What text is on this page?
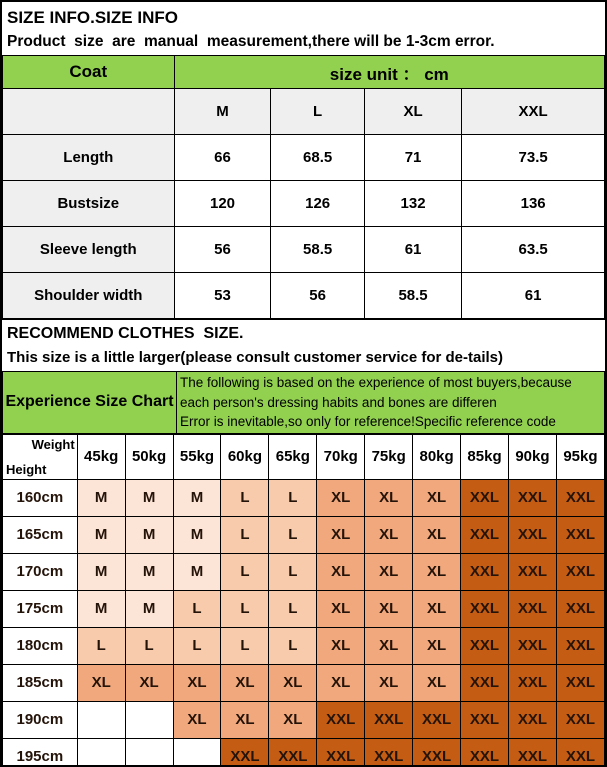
SIZE INFO.SIZE INFO
Product  size  are  manual  measurement,there will be 1-3cm error.
Coat	size unit ： cm			
	M	L	XL	XXL
Length	66	68.5	71	73.5
Bustsize	120	126	132	136
Sleeve length	56	58.5	61	63.5
Shoulder width	53	56	58.5	61
RECOMMEND CLOTHES  SIZE.
This size is a little larger(please consult customer service for de-tails)
Experience Size Chart	
The following is based on the experience of most buyers,because
each person's dressing habits and bones are differen
Error is inevitable,so only for reference!Specific reference code
Weight
Height	45kg	50kg	55kg	60kg	65kg	70kg	75kg	80kg	85kg	90kg	95kg
160cm	M	M	M	L	L	XL	XL	XL	XXL	XXL	XXL
165cm	M	M	M	L	L	XL	XL	XL	XXL	XXL	XXL
170cm	M	M	M	L	L	XL	XL	XL	XXL	XXL	XXL
175cm	M	M	L	L	L	XL	XL	XL	XXL	XXL	XXL
180cm	L	L	L	L	L	XL	XL	XL	XXL	XXL	XXL
185cm	XL	XL	XL	XL	XL	XL	XL	XL	XXL	XXL	XXL
190cm			XL	XL	XL	XXL	XXL	XXL	XXL	XXL	XXL
195cm				XXL	XXL	XXL	XXL	XXL	XXL	XXL	XXL
